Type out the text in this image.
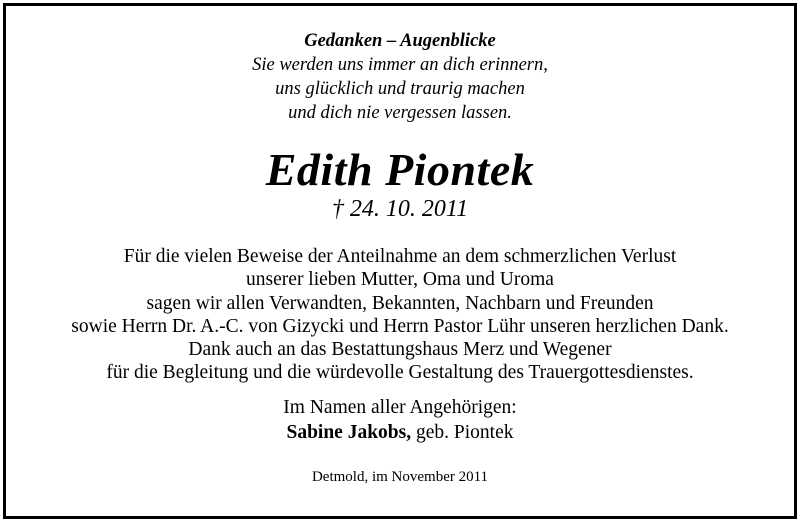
Gedanken – Augenblicke
Sie werden uns immer an dich erinnern,
uns glücklich und traurig machen
und dich nie vergessen lassen.
Edith Piontek
† 24. 10. 2011
Für die vielen Beweise der Anteilnahme an dem schmerzlichen Verlust
unserer lieben Mutter, Oma und Uroma
sagen wir allen Verwandten, Bekannten, Nachbarn und Freunden
sowie Herrn Dr. A.-C. von Gizycki und Herrn Pastor Lühr unseren herzlichen Dank.
Dank auch an das Bestattungshaus Merz und Wegener
für die Begleitung und die würdevolle Gestaltung des Trauergottesdienstes.
Im Namen aller Angehörigen:
Sabine Jakobs, geb. Piontek
Detmold, im November 2011
